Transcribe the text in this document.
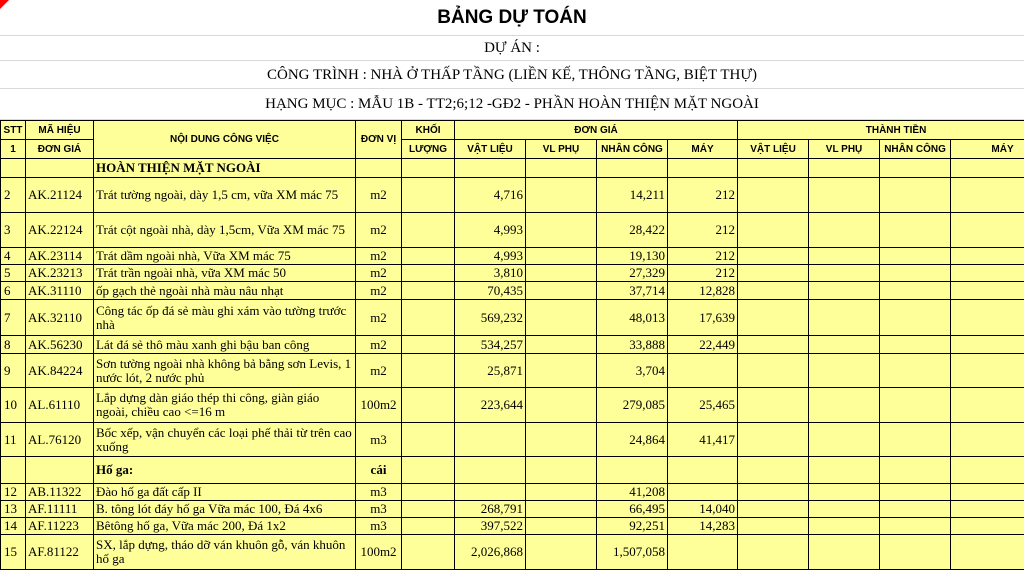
BẢNG DỰ TOÁN
DỰ ÁN :
CÔNG TRÌNH : NHÀ Ở THẤP TẦNG (LIỀN KẾ, THÔNG TẦNG, BIỆT THỰ)
HẠNG MỤC : MẪU 1B - TT2;6;12 -GĐ2 - PHẦN HOÀN THIỆN MẶT NGOÀI
STT	MÃ HIỆU	NỘI DUNG CÔNG VIỆC	ĐƠN VỊ	KHỐI	ĐƠN GIÁ				THÀNH TIỀN			
1	ĐƠN GIÁ			LƯỢNG	VẬT LIỆU	VL PHỤ	NHÂN CÔNG	MÁY	VẬT LIỆU	VL PHỤ	NHÂN CÔNG	MÁY
		HOÀN THIỆN MẶT NGOÀI										
2	AK.21124	Trát tường ngoài, dày 1,5 cm, vữa XM mác 75	m2		4,716		14,211	212				
3	AK.22124	Trát cột ngoài nhà, dày 1,5cm, Vữa XM mác 75	m2		4,993		28,422	212				
4	AK.23114	Trát dầm ngoài nhà, Vữa XM mác 75	m2		4,993		19,130	212				
5	AK.23213	Trát trần ngoài nhà, vữa XM mác 50	m2		3,810		27,329	212				
6	AK.31110	ốp gạch thẻ ngoài nhà màu nâu nhạt	m2		70,435		37,714	12,828				
7	AK.32110	Công tác ốp đá sẻ màu ghi xám vào tường trước nhà	m2		569,232		48,013	17,639				
8	AK.56230	Lát đá sẻ thô màu xanh ghi bậu ban công	m2		534,257		33,888	22,449				
9	AK.84224	Sơn tường ngoài nhà không bả bằng sơn Levis, 1 nước lót, 2 nước phủ	m2		25,871		3,704					
10	AL.61110	Lắp dựng dàn giáo thép thi công, giàn giáo ngoài, chiều cao <=16 m	100m2		223,644		279,085	25,465				
11	AL.76120	Bốc xếp, vận chuyển các loại phế thải từ trên cao xuống	m3				24,864	41,417				
		Hố ga:	cái									
12	AB.11322	Đào hố ga đất cấp II	m3				41,208					
13	AF.11111	B. tông lót đáy hố ga Vữa mác 100, Đá 4x6	m3		268,791		66,495	14,040				
14	AF.11223	Bêtông hố ga, Vữa mác 200, Đá 1x2	m3		397,522		92,251	14,283				
15	AF.81122	SX, lắp dựng, tháo dỡ ván khuôn gỗ, ván khuôn hố ga	100m2		2,026,868		1,507,058					
